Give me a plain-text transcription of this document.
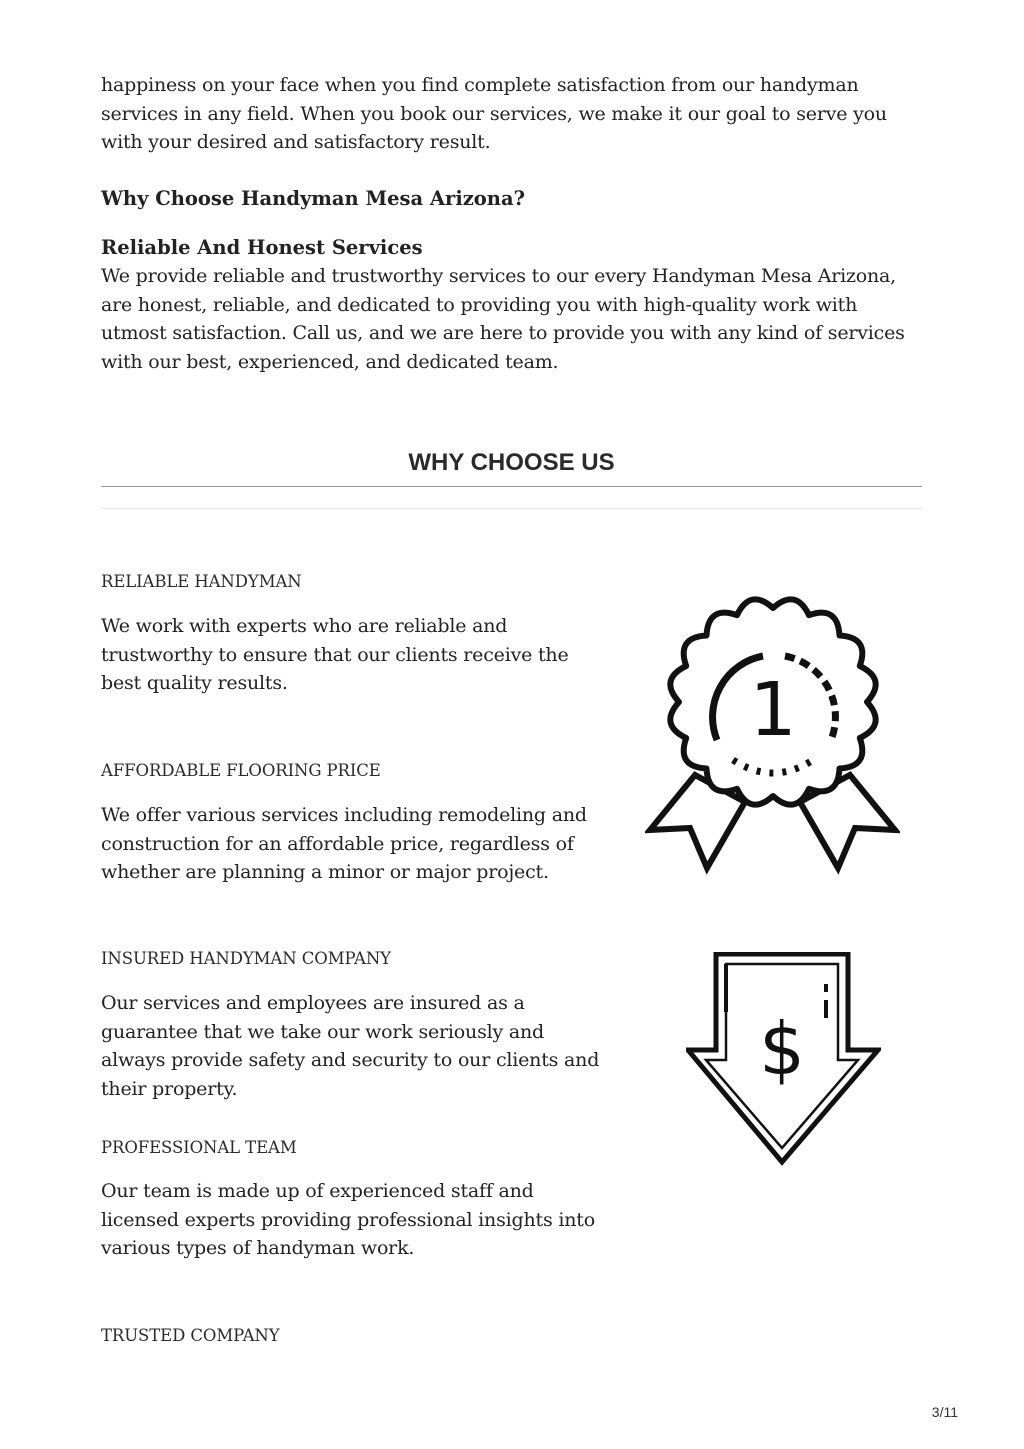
happiness on your face when you find complete satisfaction from our handyman services in any field. When you book our services, we make it our goal to serve you with your desired and satisfactory result.

Why Choose Handyman Mesa Arizona?

Reliable And Honest Services

We provide reliable and trustworthy services to our every Handyman Mesa Arizona, are honest, reliable, and dedicated to providing you with high-quality work with utmost satisfaction. Call us, and we are here to provide you with any kind of services with our best, experienced, and dedicated team.

WHY CHOOSE US

RELIABLE HANDYMAN

We work with experts who are reliable and trustworthy to ensure that our clients receive the best quality results.

AFFORDABLE FLOORING PRICE

We offer various services including remodeling and construction for an affordable price, regardless of whether are planning a minor or major project.

INSURED HANDYMAN COMPANY

Our services and employees are insured as a guarantee that we take our work seriously and always provide safety and security to our clients and their property.

PROFESSIONAL TEAM

Our team is made up of experienced staff and licensed experts providing professional insights into various types of handyman work.

TRUSTED COMPANY

1
$
3/11
